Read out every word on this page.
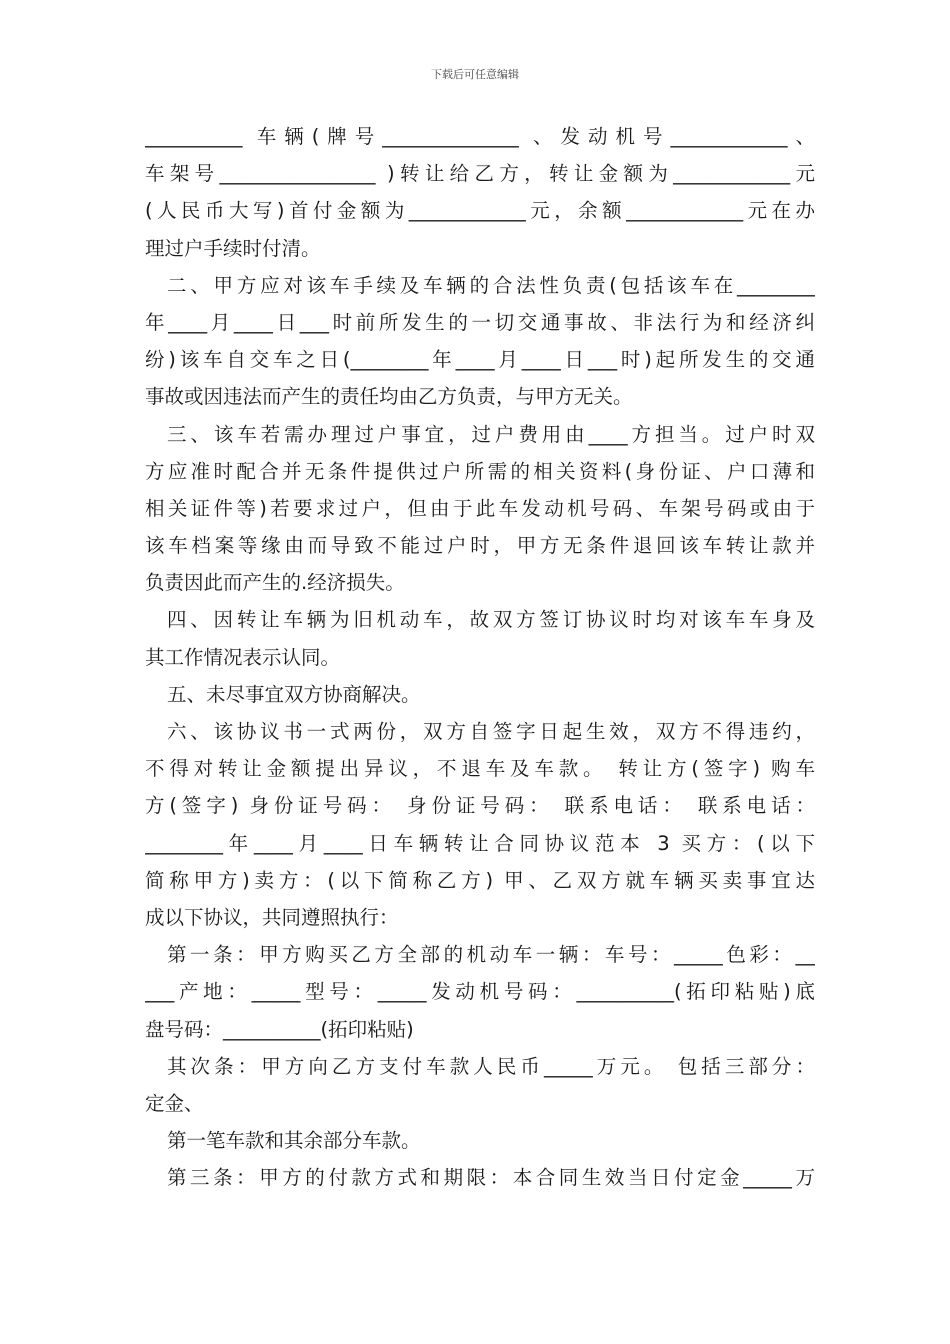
下载后可任意编辑
__________ 车辆(牌号______________ 、发动机号____________、
车架号________________ )转让给乙方，转让金额为____________元
(人民币大写)首付金额为____________元，余额____________元在办
理过户手续时付清。
二、甲方应对该车手续及车辆的合法性负责(包括该车在________
年____月____日___时前所发生的一切交通事故、非法行为和经济纠
纷)该车自交车之日(________年____月____日___时)起所发生的交通
事故或因违法而产生的责任均由乙方负责，与甲方无关。
三、该车若需办理过户事宜，过户费用由____方担当。过户时双
方应准时配合并无条件提供过户所需的相关资料(身份证、户口薄和
相关证件等)若要求过户，但由于此车发动机号码、车架号码或由于
该车档案等缘由而导致不能过户时，甲方无条件退回该车转让款并
负责因此而产生的.经济损失。
四、因转让车辆为旧机动车，故双方签订协议时均对该车车身及
其工作情况表示认同。
五、未尽事宜双方协商解决。
六、该协议书一式两份，双方自签字日起生效，双方不得违约，
不得对转让金额提出异议，不退车及车款。 转让方(签字) 购车
方(签字) 身份证号码： 身份证号码： 联系电话： 联系电话：
________年____月____日车辆转让合同协议范本 3 买方：(以下
简称甲方)卖方：(以下简称乙方) 甲、乙双方就车辆买卖事宜达
成以下协议，共同遵照执行：
第一条：甲方购买乙方全部的机动车一辆：车号：_____色彩：__
___产地：_____型号：_____发动机号码：__________(拓印粘贴)底
盘号码：__________(拓印粘贴)
其次条：甲方向乙方支付车款人民币_____万元。 包括三部分：
定金、
第一笔车款和其余部分车款。
第三条：甲方的付款方式和期限：本合同生效当日付定金_____万
